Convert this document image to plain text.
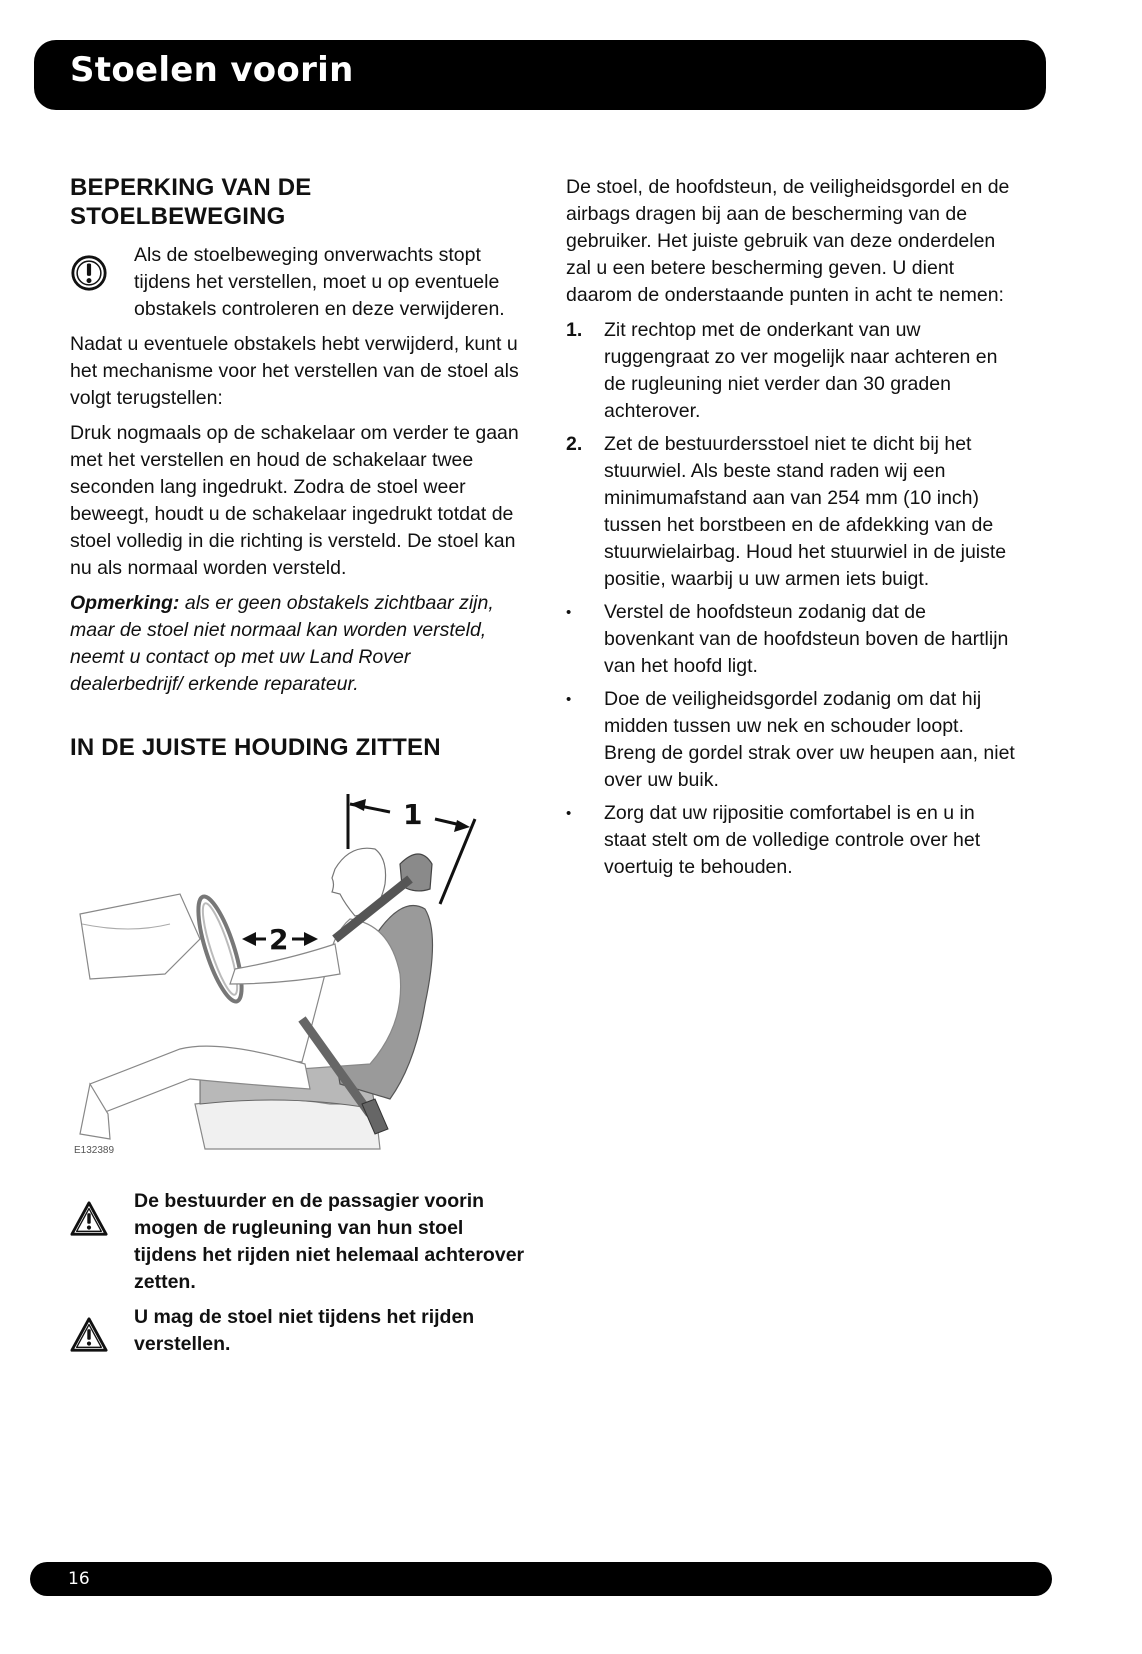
Stoelen voorin
BEPERKING VAN DE STOELBEWEGING
Als de stoelbeweging onverwachts stopt tijdens het verstellen, moet u op eventuele obstakels controleren en deze verwijderen.

Nadat u eventuele obstakels hebt verwijderd, kunt u het mechanisme voor het verstellen van de stoel als volgt terugstellen:

Druk nogmaals op de schakelaar om verder te gaan met het verstellen en houd de schakelaar twee seconden lang ingedrukt. Zodra de stoel weer beweegt, houdt u de schakelaar ingedrukt totdat de stoel volledig in die richting is versteld. De stoel kan nu als normaal worden versteld.

Opmerking: als er geen obstakels zichtbaar zijn, maar de stoel niet normaal kan worden versteld, neemt u contact op met uw Land Rover dealerbedrijf/ erkende reparateur.

IN DE JUISTE HOUDING ZITTEN
1
2
E132389
De bestuurder en de passagier voorin mogen de rugleuning van hun stoel tijdens het rijden niet helemaal achterover zetten.
U mag de stoel niet tijdens het rijden verstellen.

De stoel, de hoofdsteun, de veiligheidsgordel en de airbags dragen bij aan de bescherming van de gebruiker. Het juiste gebruik van deze onderdelen zal u een betere bescherming geven. U dient daarom de onderstaande punten in acht te nemen:

1.	Zit rechtop met de onderkant van uw ruggengraat zo ver mogelijk naar achteren en de rugleuning niet verder dan 30 graden achterover.
2.	Zet de bestuurdersstoel niet te dicht bij het stuurwiel. Als beste stand raden wij een minimumafstand aan van 254 mm (10 inch) tussen het borstbeen en de afdekking van de stuurwielairbag. Houd het stuurwiel in de juiste positie, waarbij u uw armen iets buigt.
•	Verstel de hoofdsteun zodanig dat de bovenkant van de hoofdsteun boven de hartlijn van het hoofd ligt.
•	Doe de veiligheidsgordel zodanig om dat hij midden tussen uw nek en schouder loopt. Breng de gordel strak over uw heupen aan, niet over uw buik.
•	Zorg dat uw rijpositie comfortabel is en u in staat stelt om de volledige controle over het voertuig te behouden.
16
